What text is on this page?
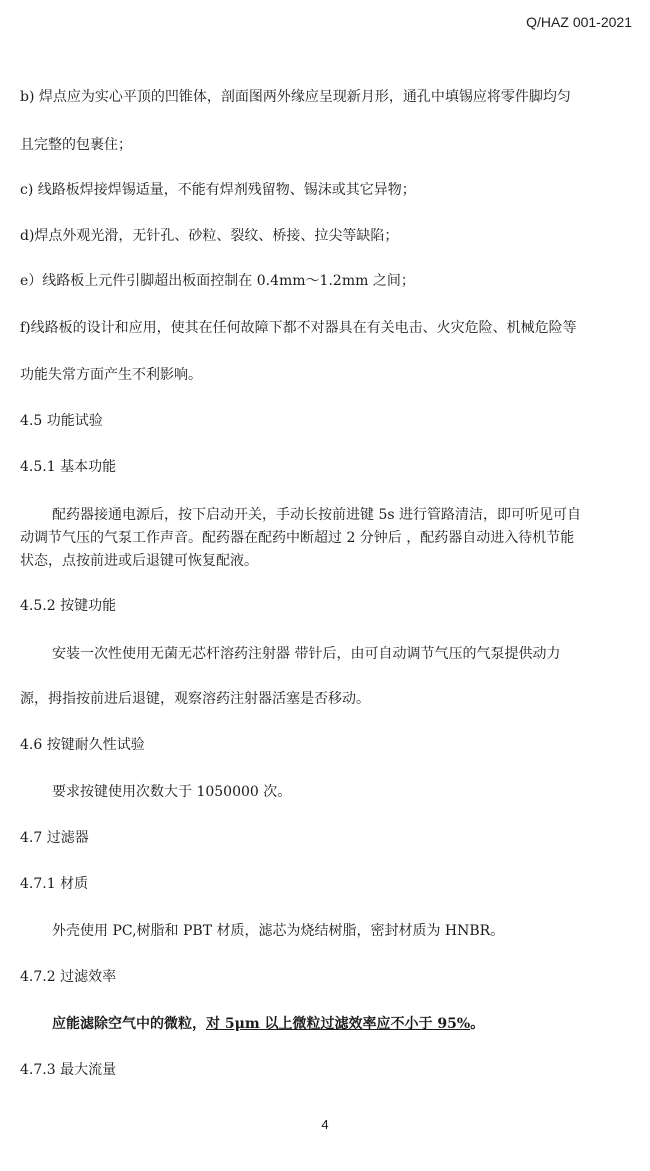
Q/HAZ 001-2021
b) 焊点应为实心平顶的凹锥体，剖面图两外缘应呈现新月形，通孔中填锡应将零件脚均匀
且完整的包裹住；
c) 线路板焊接焊锡适量，不能有焊剂残留物、锡沫或其它异物；
d)焊点外观光滑，无针孔、砂粒、裂纹、桥接、拉尖等缺陷；
e）线路板上元件引脚超出板面控制在 0.4mm～1.2mm 之间；
f)线路板的设计和应用，使其在任何故障下都不对器具在有关电击、火灾危险、机械危险等
功能失常方面产生不利影响。
4.5 功能试验
4.5.1 基本功能
配药器接通电源后，按下启动开关，手动长按前进键 5s 进行管路清洁，即可听见可自
动调节气压的气泵工作声音。配药器在配药中断超过 2 分钟后 ，配药器自动进入待机节能
状态，点按前进或后退键可恢复配液。
4.5.2 按键功能
安装一次性使用无菌无芯杆溶药注射器 带针后，由可自动调节气压的气泵提供动力
源，拇指按前进后退键，观察溶药注射器活塞是否移动。
4.6 按键耐久性试验
要求按键使用次数大于 1050000 次。
4.7 过滤器
4.7.1 材质
外壳使用 PC,树脂和 PBT 材质，滤芯为烧结树脂，密封材质为 HNBR。
4.7.2 过滤效率
应能滤除空气中的微粒，对 5μm 以上微粒过滤效率应不小于 95%。
4.7.3 最大流量
4
